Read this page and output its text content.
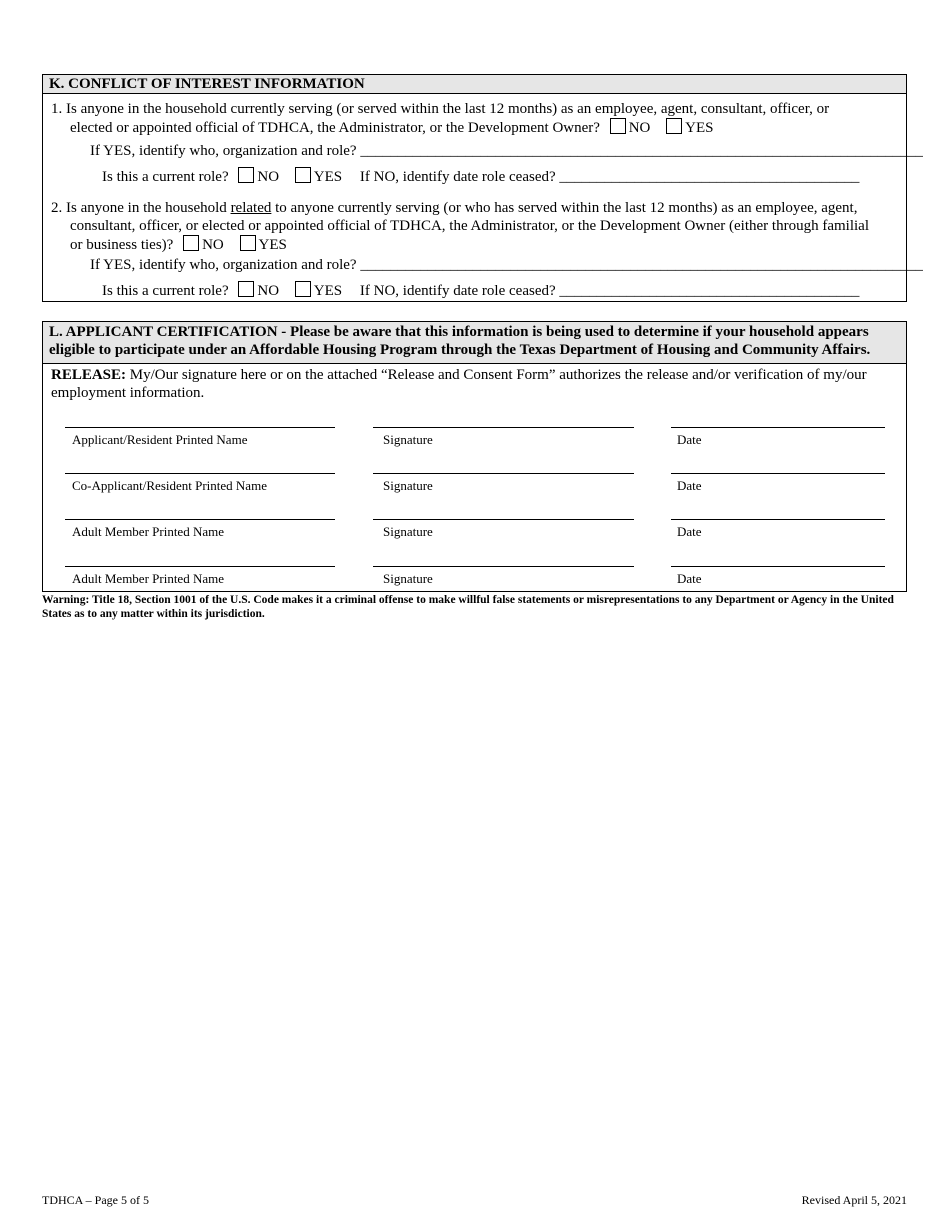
K. CONFLICT OF INTEREST INFORMATION
1. Is anyone in the household currently serving (or served within the last 12 months) as an employee, agent, consultant, officer, or
elected or appointed official of TDHCA, the Administrator, or the Development Owner? NO YES
If YES, identify who, organization and role? ___________________________________________________________________________
Is this a current role? NO YES If NO, identify date role ceased? ________________________________________
2. Is anyone in the household related to anyone currently serving (or who has served within the last 12 months) as an employee, agent,
consultant, officer, or elected or appointed official of TDHCA, the Administrator, or the Development Owner (either through familial
or business ties)? NO YES
If YES, identify who, organization and role? ___________________________________________________________________________
Is this a current role? NO YES If NO, identify date role ceased? ________________________________________
L. APPLICANT CERTIFICATION - Please be aware that this information is being used to determine if your household appears
eligible to participate under an Affordable Housing Program through the Texas Department of Housing and Community Affairs.
RELEASE: My/Our signature here or on the attached “Release and Consent Form” authorizes the release and/or verification of my/our employment information.
Applicant/Resident Printed Name	Signature	Date
Co-Applicant/Resident Printed Name	Signature	Date
Adult Member Printed Name	Signature	Date
Adult Member Printed Name	Signature	Date
Warning: Title 18, Section 1001 of the U.S. Code makes it a criminal offense to make willful false statements or misrepresentations to any Department or Agency in the United States as to any matter within its jurisdiction.
TDHCA – Page 5 of 5	Revised April 5, 2021
